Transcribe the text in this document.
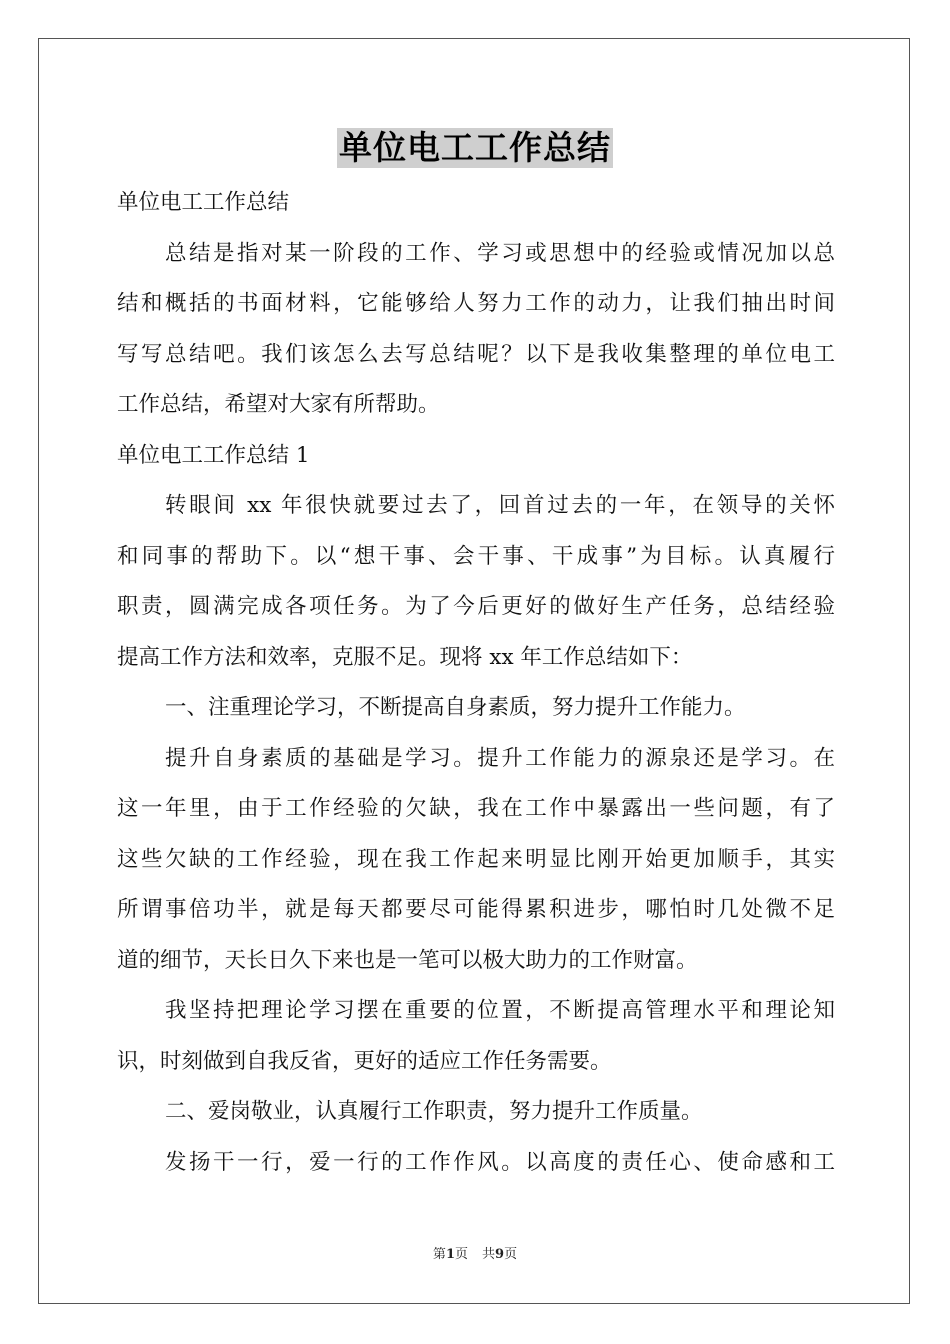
单位电工工作总结
单位电工工作总结
总结是指对某一阶段的工作、学习或思想中的经验或情况加以总
结和概括的书面材料，它能够给人努力工作的动力，让我们抽出时间
写写总结吧。我们该怎么去写总结呢？以下是我收集整理的单位电工
工作总结，希望对大家有所帮助。
单位电工工作总结 1
转眼间 xx 年很快就要过去了，回首过去的一年，在领导的关怀
和同事的帮助下。以“想干事、会干事、干成事”为目标。认真履行
职责，圆满完成各项任务。为了今后更好的做好生产任务，总结经验
提高工作方法和效率，克服不足。现将 xx 年工作总结如下：
一、注重理论学习，不断提高自身素质，努力提升工作能力。
提升自身素质的基础是学习。提升工作能力的源泉还是学习。在
这一年里，由于工作经验的欠缺，我在工作中暴露出一些问题，有了
这些欠缺的工作经验，现在我工作起来明显比刚开始更加顺手，其实
所谓事倍功半，就是每天都要尽可能得累积进步，哪怕时几处微不足
道的细节，天长日久下来也是一笔可以极大助力的工作财富。
我坚持把理论学习摆在重要的位置，不断提高管理水平和理论知
识，时刻做到自我反省，更好的适应工作任务需要。
二、爱岗敬业，认真履行工作职责，努力提升工作质量。
发扬干一行，爱一行的工作作风。以高度的责任心、使命感和工
第1页 共9页
